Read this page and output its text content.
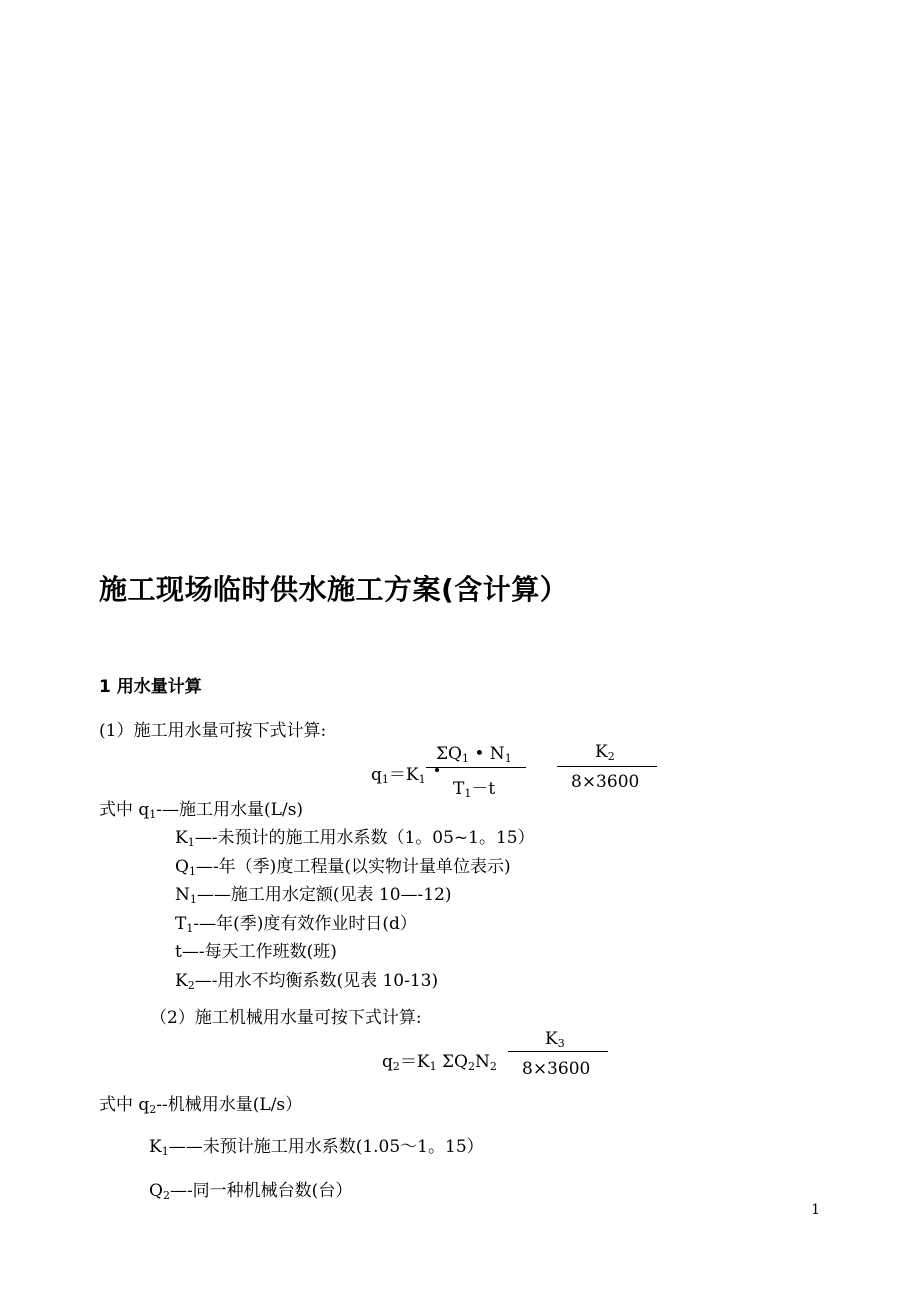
施工现场临时供水施工方案(含计算）
1 用水量计算
(1）施工用水量可按下式计算:
$q_1=K_1$
$\Sigma Q_1$ • $N_1$
$T_1-t$
$K_2$
8×3600
式中 $q_1-—$施工用水量(L/s)
$K_1—-$未预计的施工用水系数（1。05~1。15）
$Q_1—-$年（季)度工程量(以实物计量单位表示)
$N_1——$施工用水定额(见表 10—-12)
$T_1-—$年(季)度有效作业时日(d）
t—-每天工作班数(班)
$K_2—-$用水不均衡系数(见表 10-13)
（2）施工机械用水量可按下式计算:
$q_2=K_1$ $\Sigma Q_2N_2$
$K_3$
8×3600
式中 $q_2--$机械用水量(L/s）
$K_1——$未预计施工用水系数(1.05～1。15）
$Q_2—-$同一种机械台数(台）
1
